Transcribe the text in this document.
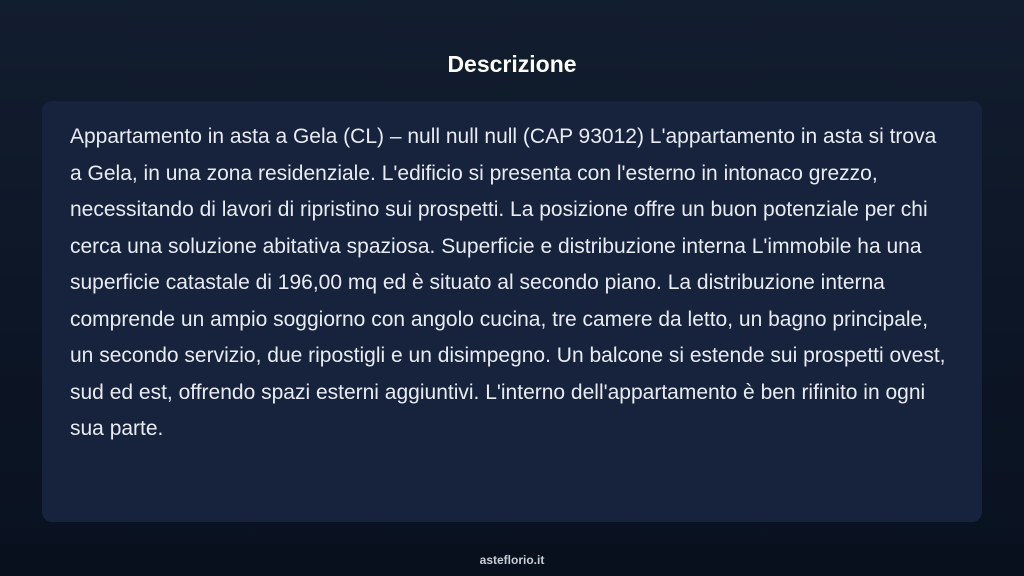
Descrizione

Appartamento in asta a Gela (CL) – null null null (CAP 93012) L'appartamento in asta si trova a Gela, in una zona residenziale. L'edificio si presenta con l'esterno in intonaco grezzo, necessitando di lavori di ripristino sui prospetti. La posizione offre un buon potenziale per chi cerca una soluzione abitativa spaziosa. Superficie e distribuzione interna L'immobile ha una superficie catastale di 196,00 mq ed è situato al secondo piano. La distribuzione interna comprende un ampio soggiorno con angolo cucina, tre camere da letto, un bagno principale, un secondo servizio, due ripostigli e un disimpegno. Un balcone si estende sui prospetti ovest, sud ed est, offrendo spazi esterni aggiuntivi. L'interno dell'appartamento è ben rifinito in ogni sua parte.

asteflorio.it
